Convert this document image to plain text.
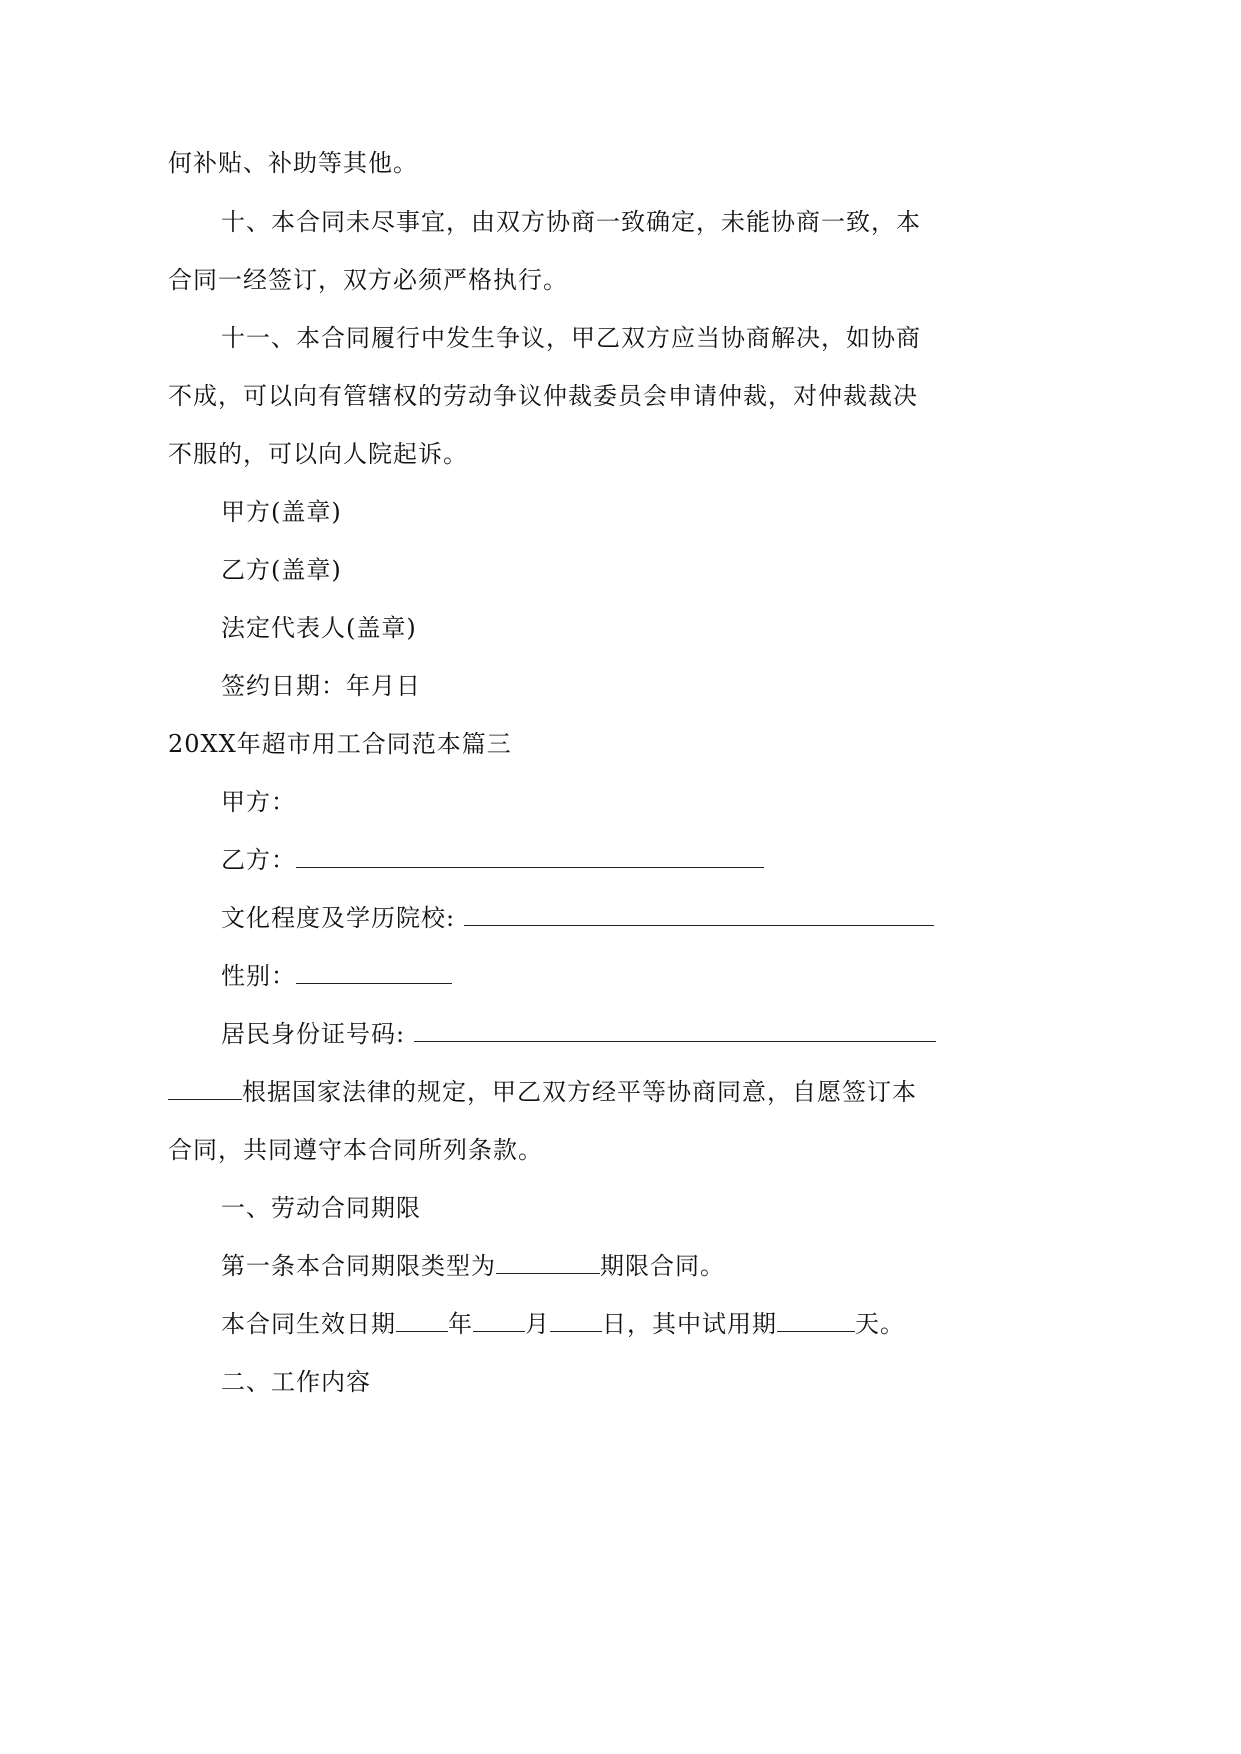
何补贴、补助等其他。
十、本合同未尽事宜，由双方协商一致确定，未能协商一致，本
合同一经签订，双方必须严格执行。
十一、本合同履行中发生争议，甲乙双方应当协商解决，如协商
不成，可以向有管辖权的劳动争议仲裁委员会申请仲裁，对仲裁裁决
不服的，可以向人院起诉。
甲方(盖章)
乙方(盖章)
法定代表人(盖章)
签约日期：年月日
20XX年超市用工合同范本篇三
甲方：
乙方：
文化程度及学历院校:
性别：
居民身份证号码:
根据国家法律的规定，甲乙双方经平等协商同意，自愿签订本
合同，共同遵守本合同所列条款。
一、劳动合同期限
第一条本合同期限类型为	期限合同。
本合同生效日期 年 月 日，其中试用期	天。
二、工作内容
